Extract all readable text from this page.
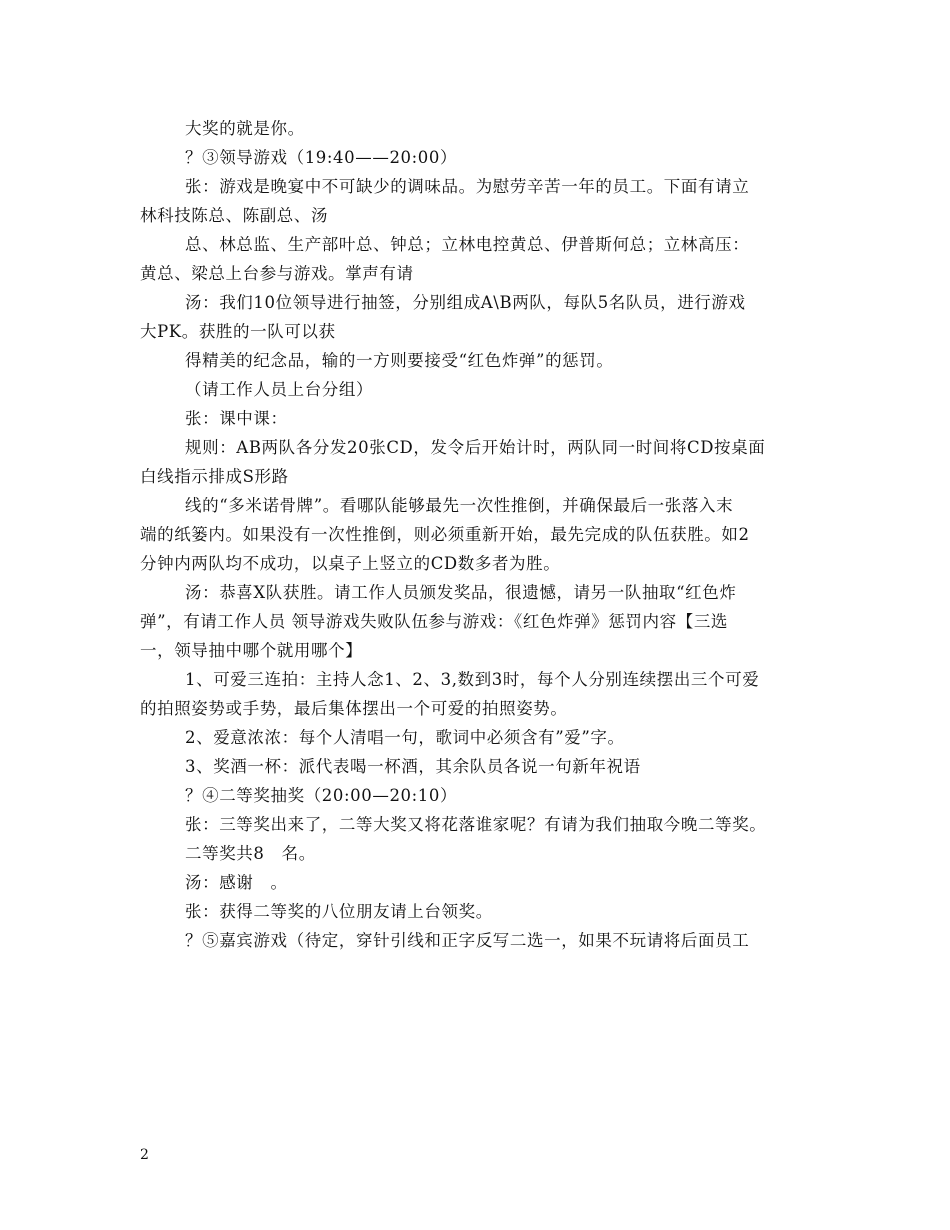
大奖的就是你。
？③领导游戏（19:40——20:00）
张：游戏是晚宴中不可缺少的调味品。为慰劳辛苦一年的员工。下面有请立
林科技陈总、陈副总、汤
总、林总监、生产部叶总、钟总；立林电控黄总、伊普斯何总；立林高压：
黄总、梁总上台参与游戏。掌声有请
汤：我们10位领导进行抽签，分别组成A\B两队，每队5名队员，进行游戏
大PK。获胜的一队可以获
得精美的纪念品，输的一方则要接受“红色炸弹”的惩罚。
（请工作人员上台分组）
张：课中课：
规则：AB两队各分发20张CD，发令后开始计时，两队同一时间将CD按桌面
白线指示排成S形路
线的“多米诺骨牌”。看哪队能够最先一次性推倒，并确保最后一张落入末
端的纸篓内。如果没有一次性推倒，则必须重新开始，最先完成的队伍获胜。如2
分钟内两队均不成功，以桌子上竖立的CD数多者为胜。
汤：恭喜X队获胜。请工作人员颁发奖品，很遗憾，请另一队抽取“红色炸
弹”，有请工作人员 领导游戏失败队伍参与游戏：《红色炸弹》惩罚内容【三选
一，领导抽中哪个就用哪个】
1、可爱三连拍：主持人念1、2、3,数到3时，每个人分别连续摆出三个可爱
的拍照姿势或手势，最后集体摆出一个可爱的拍照姿势。
2、爱意浓浓：每个人清唱一句，歌词中必须含有”爱”字。
3、奖酒一杯：派代表喝一杯酒，其余队员各说一句新年祝语
？④二等奖抽奖（20:00—20:10）
张：三等奖出来了，二等大奖又将花落谁家呢？有请为我们抽取今晚二等奖。
二等奖共8　名。
汤：感谢　。
张：获得二等奖的八位朋友请上台领奖。
？⑤嘉宾游戏（待定，穿针引线和正字反写二选一，如果不玩请将后面员工
2
